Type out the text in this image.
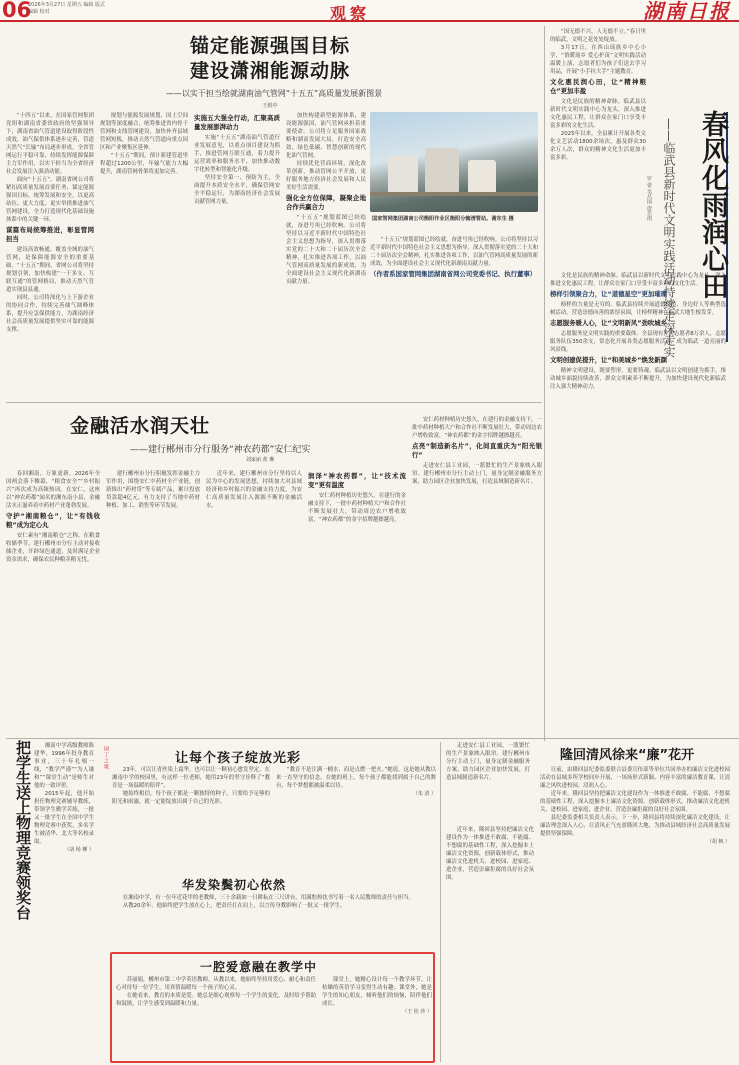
06
2026年3月27日 星期五 编辑 版式编辑 校对	观察	湖南日报
锚定能源强国目标
建设潇湘能源动脉
——以实干担当绘就湖南油气管网“十五五”高质量发展新图景
王根中

“十四五”以来，在国家管网集团党组和湖南省委省政府的坚强领导下，湖南省油气管道建设取得阶段性成效，油气保供体系逐步完善，管道天然气“长输”布局逐步形成，全省管网运行平稳可靠，持续发挥能源保障主力军作用，以实干担当为全省经济社会发展注入强劲动能。

面向“十五五”，湖南省网公司将紧扣高质量发展首要任务，锚定能源强国目标，统筹发展和安全，以更高站位、更大力度、更实举措推进油气管网建设，全力打造现代化基础设施体系中的关键一环。

谋篇布局统筹推进，彰显管网担当

建设高效畅通、覆盖全域的油气管网，是保障能源安全的重要基础。“十五五”期间，省网公司将坚持规划引领，加快构建“一干多支、互联互通”的管网格局，推动天然气管道实现县县通。

同时，公司将深化与上下游企业的协同合作，持续完善储气调峰体系，提升应急保供能力，为湖南经济社会高质量发展提供坚实可靠的能源支撑。

规划与能源发展规划、国土空间规划等深度融合，统筹推进省内骨干管网和支线管网建设，加快补齐县域管网短板，推动天然气管道向重点园区和产业聚集区延伸。

“十五五”期间，预计新建管道里程超过1200公里，年输气能力大幅提升，湖南管网骨架将更加完善。

实施五大强全行动，汇聚高质量发展澎湃动力

实施“十五五”湖南油气管道行业发展意见，以重点项目建设为抓手，推进管网互联互通，着力提升运营效率和服务水平，加快推动数字化转型和智能化升级。

坚持安全第一、预防为主，全面提升本质安全水平，确保管网安全平稳运行，为湖南经济社会发展贡献管网力量。

加快构建新型能源体系，建设能源强国，油气管网承担着重要使命。公司将立足服务国家战略和湖南发展大局，打造安全高效、绿色低碳、智慧创新的现代化油气管网。

持续优化营商环境，深化改革创新，推动管网公平开放，更好服务地方经济社会发展和人民美好生活需要。

强化全方位保障，凝聚企地合作共赢合力

“十五五”规划蓝图已经绘就，奋进号角已经吹响。公司将坚持以习近平新时代中国特色社会主义思想为指导，深入贯彻落实党的二十大和二十届历次全会精神，扎实推进各项工作，以油气管网高质量发展的新成效，为全面建设社会主义现代化新湖南贡献力量。

国家管网集团湖南公司衡阳作业区衡阳分输清管站。谢东生 摄

“十五五”规划蓝图已经绘就，奋进号角已经吹响。公司将坚持以习近平新时代中国特色社会主义思想为指导，深入贯彻落实党的二十大和二十届历次全会精神，扎实推进各项工作，以油气管网高质量发展的新成效，为全面建设社会主义现代化新湖南贡献力量。

（作者系国家管网集团湖南省网公司党委书记、执行董事）

“国无德不兴，人无德不立。”春日里的临武，文明之花处处绽放。

3月17日，在西山瑶族乡中心小学，“情暖瑶乡 爱心护苗”文明实践活动温暖上演，志愿者们为孩子们送去学习用品，开展“小手拉大手”主题教育。

文化惠民润心田，让“精神粮仓”更加丰盈

文化是民族的精神命脉。临武县以新时代文明实践中心为龙头，深入推进文化惠民工程，让群众在家门口享受丰富多彩的文化生活。

2025年以来，全县累计开展各类文化文艺活动1800余场次，惠及群众30余万人次，群众的精神文化生活更加丰富多彩。	春风化雨润心田
——临武县新时代文明实践活动持续走深走实
罗 蕾 吴昌国 唐思雨

文化是民族的精神命脉。临武县以新时代文明实践中心为龙头，深入推进文化惠民工程，让群众在家门口享受丰富多彩的文化生活。

榜样引领聚合力，让“道德星空”更加璀璨

榜样的力量是无穷的。临武县持续开展道德模范、身边好人等典型选树活动，营造崇德向善的浓厚氛围，让榜样精神在临武大地生根发芽。

志愿服务暖人心，让“文明新风”劲吹城乡

志愿服务是文明实践的重要载体。全县现有注册志愿者8万余人，志愿服务队伍350余支，常态化开展各类志愿服务活动，成为临武一道亮丽的风景线。

文明创建促提升，让“和美城乡”焕发新颜

精神文明建设，既要塑形，更要铸魂。临武县以文明创建为抓手，推动城乡面貌持续改善，群众文明素养不断提升，为加快建设现代化新临武注入强大精神动力。

金融活水润天壮
——建行郴州市分行服务“神农药都”安仁纪实
刘家丽 黄 琳

春回湘南，万象更新。2026年全国两会落下帷幕，“粮食安全”“乡村振兴”再次成为高频热词。在安仁，这座以“神农药都”闻名的湘东南小县，金融活水正滋养着中药材产业蓬勃发展。

守护“湘南粮仓”，让“有钱收粮”成为定心丸

安仁素有“湘南粮仓”之称。在粮食收储季节，建行郴州市分行主动对接收储企业，开辟绿色通道，及时满足企业资金需求，确保农民种粮卖粮无忧。

建行郴州市分行积极发挥金融主力军作用，围绕安仁中药材全产业链，创新推出“药材贷”等专属产品，累计投放贷款超4亿元，有力支持了当地中药材种植、加工、销售等环节发展。

近年来，建行郴州市分行坚持以人民为中心的发展思想，持续加大对县域经济和乡村振兴的金融支持力度，为安仁高质量发展注入源源不断的金融活水。

润泽“神农药都”，让“技术流变”更有温度

安仁药材种植历史悠久。在建行的金融支持下，一批中药材种植大户和合作社不断发展壮大，带动周边农户增收致富，“神农药都”的金字招牌越擦越亮。

安仁药材种植历史悠久。在建行的金融支持下，一批中药材种植大户和合作社不断发展壮大，带动周边农户增收致富，“神农药都”的金字招牌越擦越亮。

点亮“制造新名片”，化间直重庆为“阳光银行”

走进安仁县工业园，一派繁忙的生产景象映入眼帘。建行郴州市分行主动上门，量身定制金融服务方案，助力园区企业加快发展，打造县域制造新名片。

把学生送上物理竞赛领奖台	湘南中学高级教师陈建华，1996年投身教育事业，三十年扎根一线，“教学严谨”“为人谦和”“课堂生动”是师生对他的一致评价。

2015年起，他开始担任物理竞赛辅导教练，带领学生勤学苦练，一批又一批学生在全国中学生物理竞赛中获奖，多名学生被清华、北大等名校录取。

（胡 杨 柳 ）
园丁之歌	让每个孩子绽放光彩

23年，可以让青丝染上霜华，也可以让一颗初心愈发坚定。在湘南中学的校园里，有这样一位老师，她用23年的坚守诠释了“教育是一场温暖的陪伴”。

她始终相信，每个孩子都是一颗独特的种子，只要给予足够的阳光和雨露，就一定能绽放出属于自己的光彩。

“教育不是注满一桶水，而是点燃一把火。”她说，这是她从教以来一直坚守的信念。在她的班上，每个孩子都能找到属于自己的舞台，每个梦想都被温柔以待。

（朱 清 ）
华发染鬓初心依然

在湘南中学，有一位年近花甲的老教师，三十余载如一日耕耘在三尺讲台，用满腔热忱书写着一名人民教师的责任与担当。

从教20余年，他始终把学生放在心上，把责任扛在肩上，以言传身教影响了一批又一批学生。

一腔爱意融在教学中

苏丽娟，郴州市第二中学英语教师。从教以来，她始终坚持用爱心、耐心和责任心对待每一位学生，用真情温暖每一个孩子的心灵。

在她看来，教育的本质是爱。她总是细心观察每一个学生的变化，及时给予帮助和鼓励，让学生感受到温暖和力量。

课堂上，她精心设计每一个教学环节，让枯燥的英语学习变得生动有趣；课堂外，她是学生的知心朋友，倾听他们的烦恼，陪伴他们成长。

（王 桂 珍 ）

走进安仁县工业园，一派繁忙的生产景象映入眼帘。建行郴州市分行主动上门，量身定制金融服务方案，助力园区企业加快发展，打造县域制造新名片。

隆回清风徐来“廉”花开

日前，由隆回县纪委监委联合县委宣传部等单位共同举办的廉洁文化进校园活动在县城多所学校同步开展，一场场形式新颖、内容丰富的廉洁教育课，让清廉之风吹进校园、浸润人心。

近年来，隆回县坚持把廉洁文化建设作为一体推进不敢腐、不能腐、不想腐的基础性工程，深入挖掘本土廉洁文化资源，创新载体形式，推动廉洁文化进机关、进校园、进家庭、进企业，营造崇廉拒腐的良好社会氛围。

县纪委监委相关负责人表示，下一步，隆回县将持续深化廉洁文化建设，让廉洁理念深入人心，让清风正气充盈隆回大地，为推动县域经济社会高质量发展提供坚强保障。

（胡 枫 ）

近年来，隆回县坚持把廉洁文化建设作为一体推进不敢腐、不能腐、不想腐的基础性工程，深入挖掘本土廉洁文化资源，创新载体形式，推动廉洁文化进机关、进校园、进家庭、进企业，营造崇廉拒腐的良好社会氛围。
